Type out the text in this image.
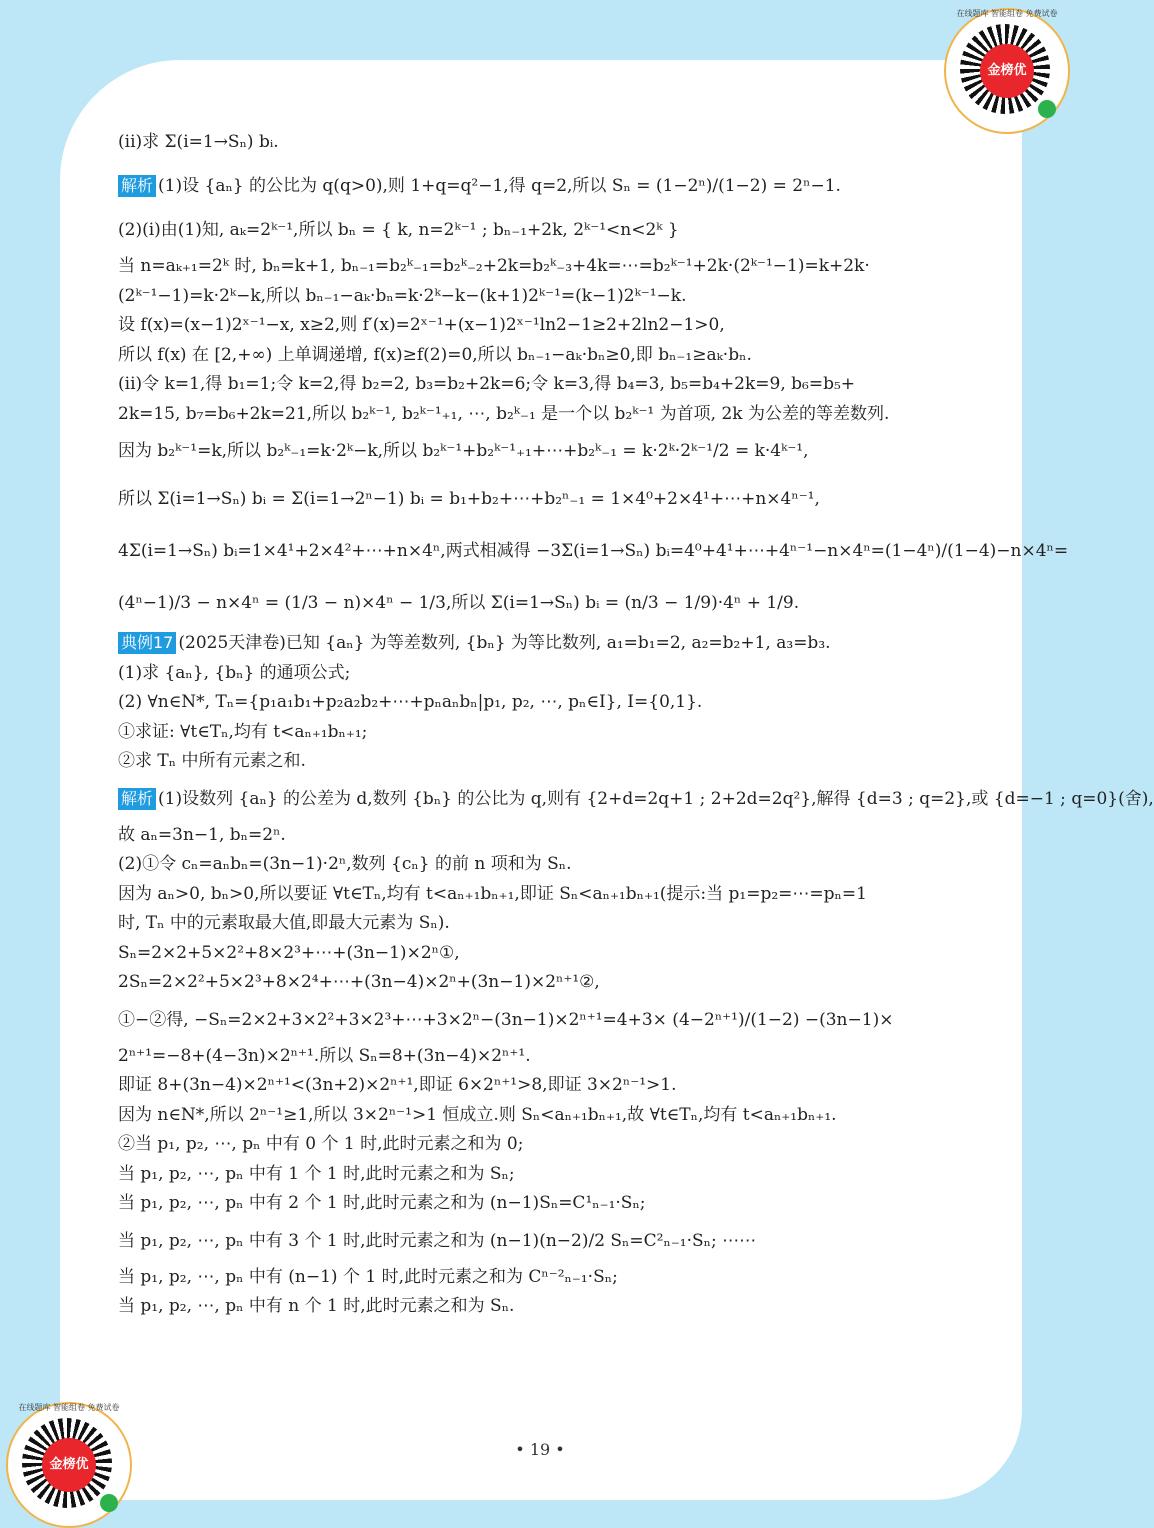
在线题库 智能组卷 免费试卷
金榜优
(ii)求 Σ(i=1→Sₙ) bᵢ.
解析 (1)设 {aₙ} 的公比为 q(q>0),则 1+q=q²−1,得 q=2,所以 Sₙ = (1−2ⁿ)/(1−2) = 2ⁿ−1.
(2)(i)由(1)知, aₖ=2ᵏ⁻¹,所以 bₙ = { k, n=2ᵏ⁻¹ ; bₙ₋₁+2k, 2ᵏ⁻¹<n<2ᵏ }
当 n=aₖ₊₁=2ᵏ 时, bₙ=k+1, bₙ₋₁=b₂ᵏ₋₁=b₂ᵏ₋₂+2k=b₂ᵏ₋₃+4k=⋯=b₂ᵏ⁻¹+2k·(2ᵏ⁻¹−1)=k+2k·
(2ᵏ⁻¹−1)=k·2ᵏ−k,所以 bₙ₋₁−aₖ·bₙ=k·2ᵏ−k−(k+1)2ᵏ⁻¹=(k−1)2ᵏ⁻¹−k.
设 f(x)=(x−1)2ˣ⁻¹−x, x≥2,则 f′(x)=2ˣ⁻¹+(x−1)2ˣ⁻¹ln2−1≥2+2ln2−1>0,
所以 f(x) 在 [2,+∞) 上单调递增, f(x)≥f(2)=0,所以 bₙ₋₁−aₖ·bₙ≥0,即 bₙ₋₁≥aₖ·bₙ.
(ii)令 k=1,得 b₁=1;令 k=2,得 b₂=2, b₃=b₂+2k=6;令 k=3,得 b₄=3, b₅=b₄+2k=9, b₆=b₅+
2k=15, b₇=b₆+2k=21,所以 b₂ᵏ⁻¹, b₂ᵏ⁻¹₊₁, ⋯, b₂ᵏ₋₁ 是一个以 b₂ᵏ⁻¹ 为首项, 2k 为公差的等差数列.
因为 b₂ᵏ⁻¹=k,所以 b₂ᵏ₋₁=k·2ᵏ−k,所以 b₂ᵏ⁻¹+b₂ᵏ⁻¹₊₁+⋯+b₂ᵏ₋₁ = k·2ᵏ·2ᵏ⁻¹/2 = k·4ᵏ⁻¹,
所以 Σ(i=1→Sₙ) bᵢ = Σ(i=1→2ⁿ−1) bᵢ = b₁+b₂+⋯+b₂ⁿ₋₁ = 1×4⁰+2×4¹+⋯+n×4ⁿ⁻¹,
4Σ(i=1→Sₙ) bᵢ=1×4¹+2×4²+⋯+n×4ⁿ,两式相减得 −3Σ(i=1→Sₙ) bᵢ=4⁰+4¹+⋯+4ⁿ⁻¹−n×4ⁿ=(1−4ⁿ)/(1−4)−n×4ⁿ=
(4ⁿ−1)/3 − n×4ⁿ = (1/3 − n)×4ⁿ − 1/3,所以 Σ(i=1→Sₙ) bᵢ = (n/3 − 1/9)·4ⁿ + 1/9.
典例17 (2025天津卷)已知 {aₙ} 为等差数列, {bₙ} 为等比数列, a₁=b₁=2, a₂=b₂+1, a₃=b₃.
(1)求 {aₙ}, {bₙ} 的通项公式;
(2) ∀n∈N*, Tₙ={p₁a₁b₁+p₂a₂b₂+⋯+pₙaₙbₙ|p₁, p₂, ⋯, pₙ∈I}, I={0,1}.
①求证: ∀t∈Tₙ,均有 t<aₙ₊₁bₙ₊₁;
②求 Tₙ 中所有元素之和.
解析 (1)设数列 {aₙ} 的公差为 d,数列 {bₙ} 的公比为 q,则有 {2+d=2q+1 ; 2+2d=2q²},解得 {d=3 ; q=2},或 {d=−1 ; q=0}(舍),
故 aₙ=3n−1, bₙ=2ⁿ.
(2)①令 cₙ=aₙbₙ=(3n−1)·2ⁿ,数列 {cₙ} 的前 n 项和为 Sₙ.
因为 aₙ>0, bₙ>0,所以要证 ∀t∈Tₙ,均有 t<aₙ₊₁bₙ₊₁,即证 Sₙ<aₙ₊₁bₙ₊₁(提示:当 p₁=p₂=⋯=pₙ=1
时, Tₙ 中的元素取最大值,即最大元素为 Sₙ).
Sₙ=2×2+5×2²+8×2³+⋯+(3n−1)×2ⁿ①,
2Sₙ=2×2²+5×2³+8×2⁴+⋯+(3n−4)×2ⁿ+(3n−1)×2ⁿ⁺¹②,
①−②得, −Sₙ=2×2+3×2²+3×2³+⋯+3×2ⁿ−(3n−1)×2ⁿ⁺¹=4+3× (4−2ⁿ⁺¹)/(1−2) −(3n−1)×
2ⁿ⁺¹=−8+(4−3n)×2ⁿ⁺¹.所以 Sₙ=8+(3n−4)×2ⁿ⁺¹.
即证 8+(3n−4)×2ⁿ⁺¹<(3n+2)×2ⁿ⁺¹,即证 6×2ⁿ⁺¹>8,即证 3×2ⁿ⁻¹>1.
因为 n∈N*,所以 2ⁿ⁻¹≥1,所以 3×2ⁿ⁻¹>1 恒成立.则 Sₙ<aₙ₊₁bₙ₊₁,故 ∀t∈Tₙ,均有 t<aₙ₊₁bₙ₊₁.
②当 p₁, p₂, ⋯, pₙ 中有 0 个 1 时,此时元素之和为 0;
当 p₁, p₂, ⋯, pₙ 中有 1 个 1 时,此时元素之和为 Sₙ;
当 p₁, p₂, ⋯, pₙ 中有 2 个 1 时,此时元素之和为 (n−1)Sₙ=C¹ₙ₋₁·Sₙ;
当 p₁, p₂, ⋯, pₙ 中有 3 个 1 时,此时元素之和为 (n−1)(n−2)/2 Sₙ=C²ₙ₋₁·Sₙ; ⋯⋯
当 p₁, p₂, ⋯, pₙ 中有 (n−1) 个 1 时,此时元素之和为 Cⁿ⁻²ₙ₋₁·Sₙ;
当 p₁, p₂, ⋯, pₙ 中有 n 个 1 时,此时元素之和为 Sₙ.
• 19 •
在线题库 智能组卷 免费试卷
金榜优
